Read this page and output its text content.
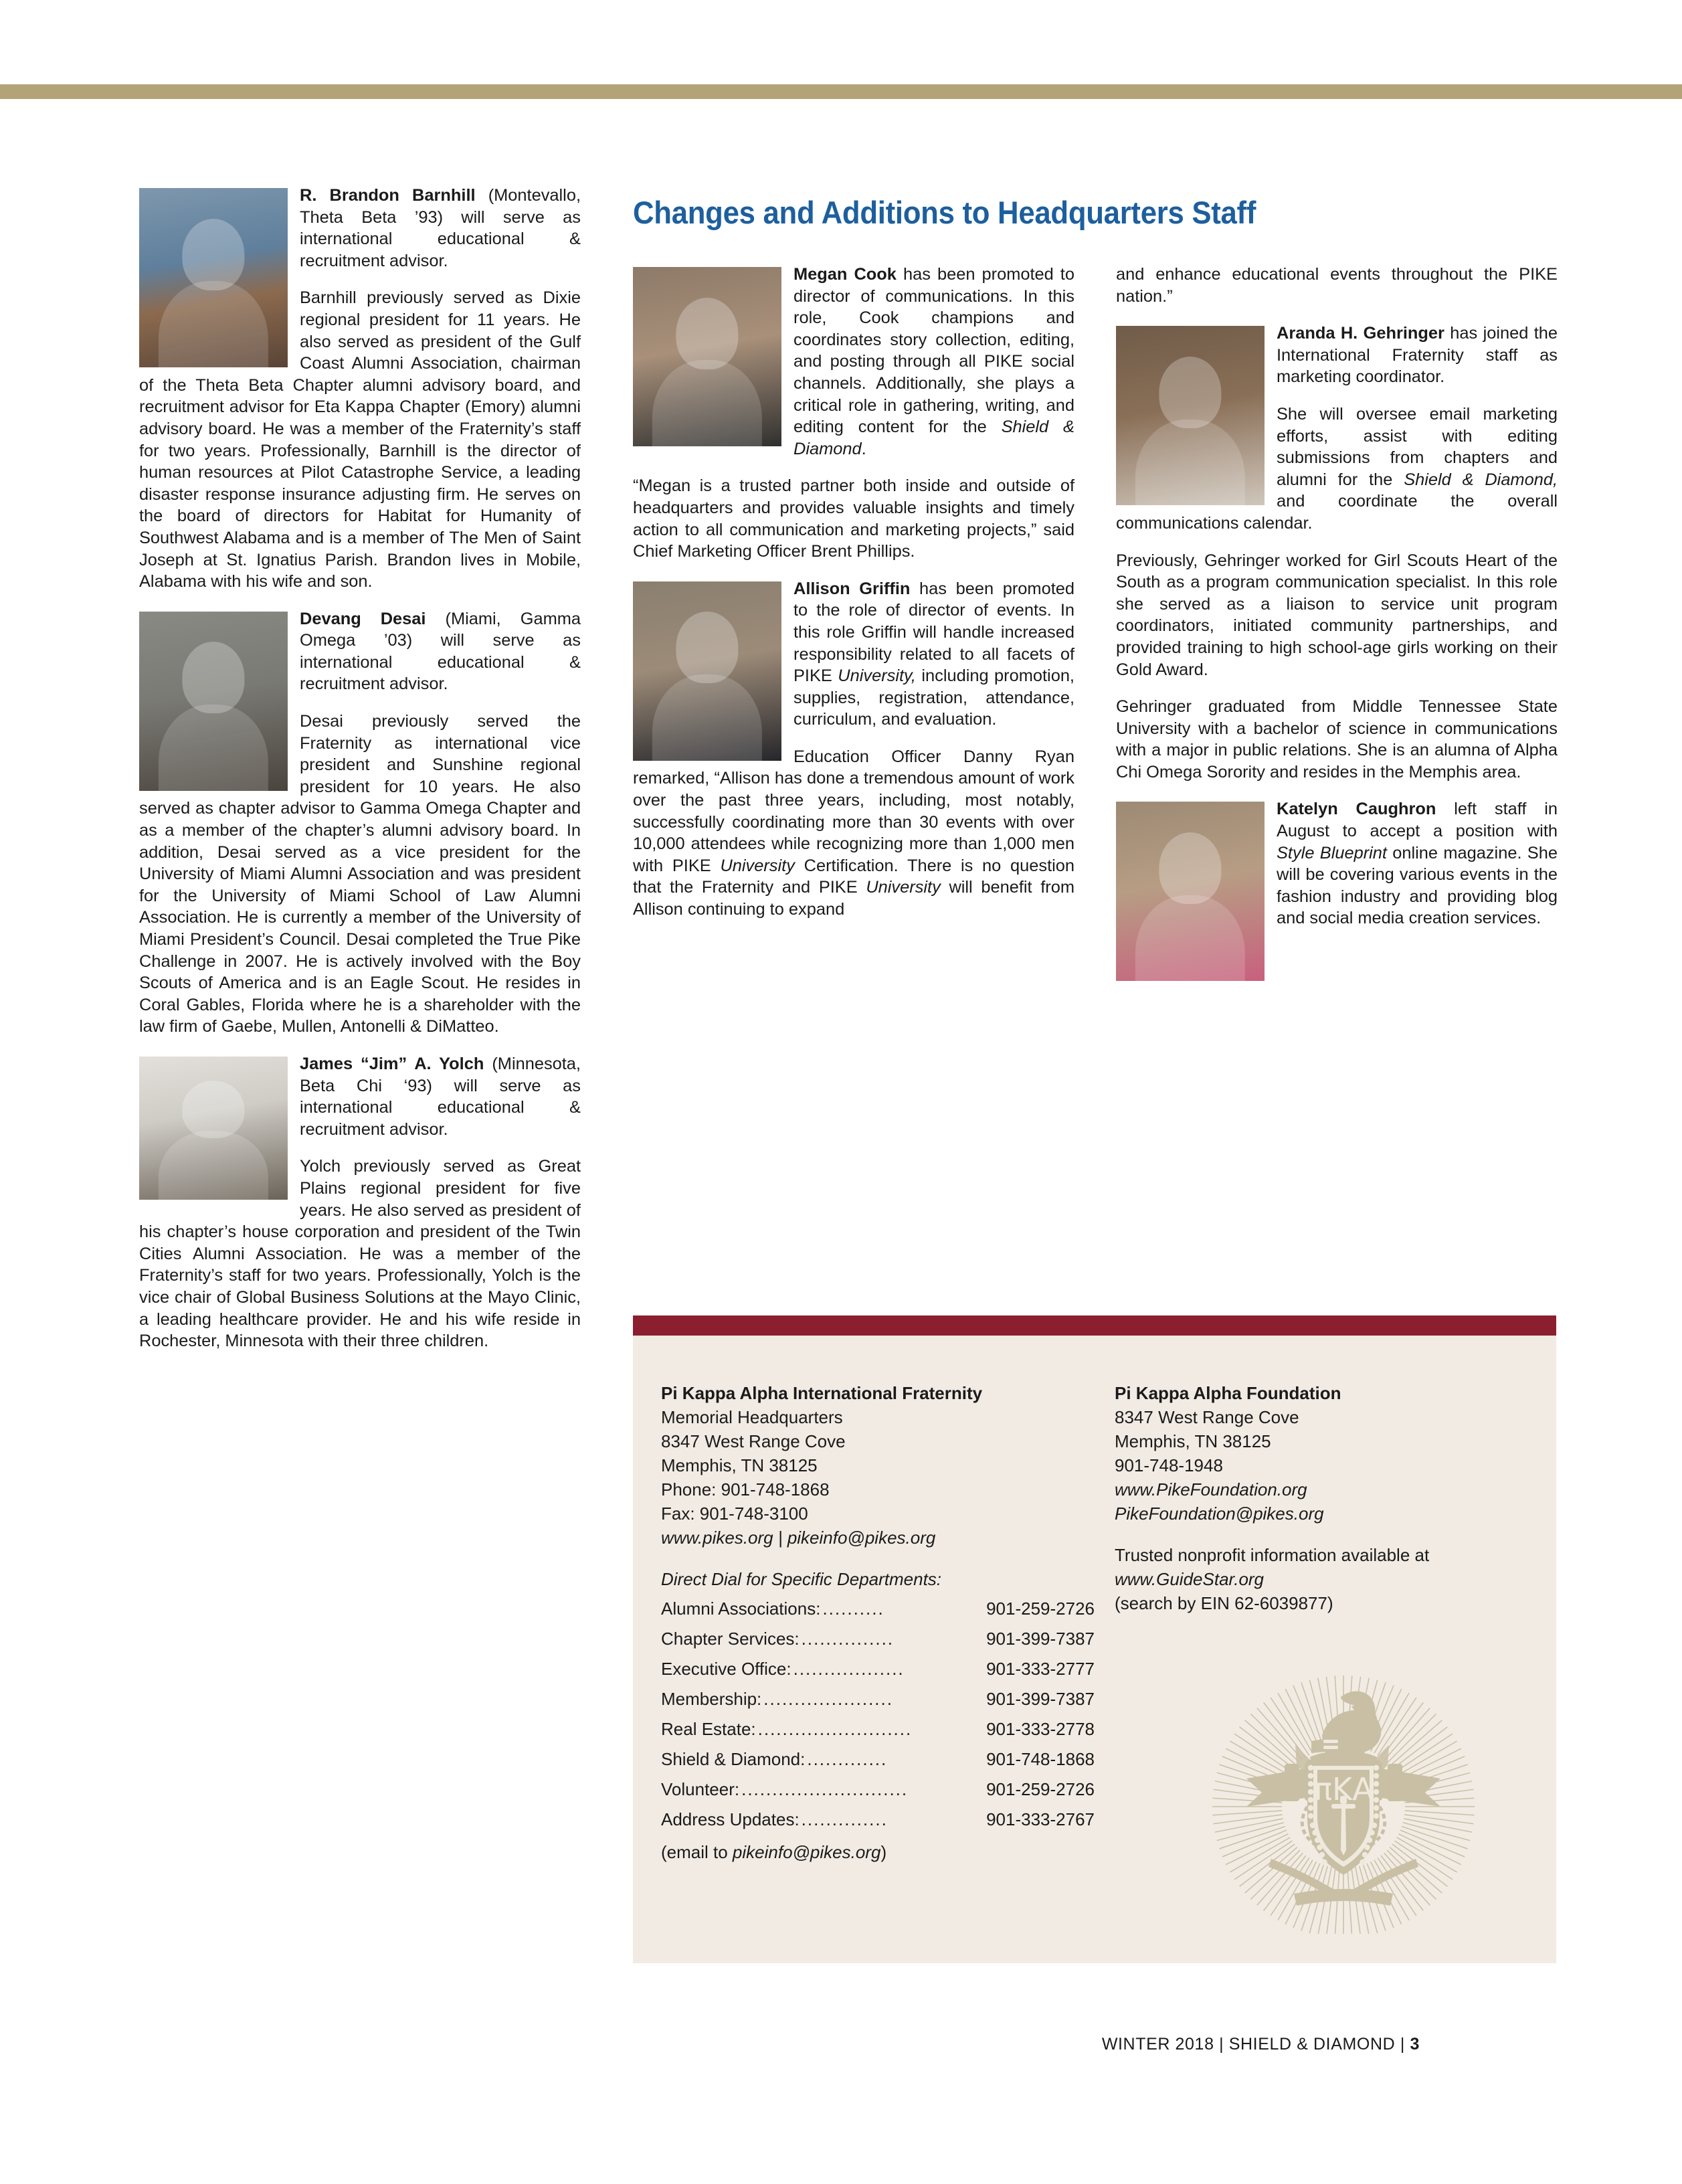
Changes and Additions to Headquarters Staff

R. Brandon Barnhill (Montevallo, Theta Beta ’93) will serve as international educational & recruitment advisor.

Barnhill previously served as Dixie regional president for 11 years. He also served as president of the Gulf Coast Alumni Association, chairman of the Theta Beta Chapter alumni advisory board, and recruitment advisor for Eta Kappa Chapter (Emory) alumni advisory board. He was a member of the Fraternity’s staff for two years. Professionally, Barnhill is the director of human resources at Pilot Catastrophe Service, a leading disaster response insurance adjusting firm. He serves on the board of directors for Habitat for Humanity of Southwest Alabama and is a member of The Men of Saint Joseph at St. Ignatius Parish. Brandon lives in Mobile, Alabama with his wife and son.

Devang Desai (Miami, Gamma Omega ’03) will serve as international educational & recruitment advisor.

Desai previously served the Fraternity as international vice president and Sunshine regional president for 10 years. He also served as chapter advisor to Gamma Omega Chapter and as a member of the chapter’s alumni advisory board. In addition, Desai served as a vice president for the University of Miami Alumni Association and was president for the University of Miami School of Law Alumni Association. He is currently a member of the University of Miami President’s Council. Desai completed the True Pike Challenge in 2007. He is actively involved with the Boy Scouts of America and is an Eagle Scout. He resides in Coral Gables, Florida where he is a shareholder with the law firm of Gaebe, Mullen, Antonelli & DiMatteo.

James “Jim” A. Yolch (Minnesota, Beta Chi ‘93) will serve as international educational & recruitment advisor.

Yolch previously served as Great Plains regional president for five years. He also served as president of his chapter’s house corporation and president of the Twin Cities Alumni Association. He was a member of the Fraternity’s staff for two years. Professionally, Yolch is the vice chair of Global Business Solutions at the Mayo Clinic, a leading healthcare provider. He and his wife reside in Rochester, Minnesota with their three children.

Megan Cook has been promoted to director of communications. In this role, Cook champions and coordinates story collection, editing, and posting through all PIKE social channels. Additionally, she plays a critical role in gathering, writing, and editing content for the Shield & Diamond.

“Megan is a trusted partner both inside and outside of headquarters and provides valuable insights and timely action to all communication and marketing projects,” said Chief Marketing Officer Brent Phillips.

Allison Griffin has been promoted to the role of director of events. In this role Griffin will handle increased responsibility related to all facets of PIKE University, including promotion, supplies, registration, attendance, curriculum, and evaluation.

Education Officer Danny Ryan remarked, “Allison has done a tremendous amount of work over the past three years, including, most notably, successfully coordinating more than 30 events with over 10,000 attendees while recognizing more than 1,000 men with PIKE University Certification. There is no question that the Fraternity and PIKE University will benefit from Allison continuing to expand

and enhance educational events throughout the PIKE nation.”

Aranda H. Gehringer has joined the International Fraternity staff as marketing coordinator.

She will oversee email marketing efforts, assist with editing submissions from chapters and alumni for the Shield & Diamond, and coordinate the overall communications calendar.

Previously, Gehringer worked for Girl Scouts Heart of the South as a program communication specialist. In this role she served as a liaison to service unit program coordinators, initiated community partnerships, and provided training to high school-age girls working on their Gold Award.

Gehringer graduated from Middle Tennessee State University with a bachelor of science in communications with a major in public relations. She is an alumna of Alpha Chi Omega Sorority and resides in the Memphis area.

Katelyn Caughron left staff in August to accept a position with Style Blueprint online magazine. She will be covering various events in the fashion industry and providing blog and social media creation services.

πΚΑ
Pi Kappa Alpha International Fraternity
Memorial Headquarters
8347 West Range Cove
Memphis, TN 38125
Phone: 901-748-1868
Fax: 901-748-3100
www.pikes.org | pikeinfo@pikes.org
Direct Dial for Specific Departments:
Alumni Associations: ..........	901-259-2726
Chapter Services: ...............	901-399-7387
Executive Office: ..................	901-333-2777
Membership: .....................	901-399-7387
Real Estate: .........................	901-333-2778
Shield & Diamond: .............	901-748-1868
Volunteer: ...........................	901-259-2726
Address Updates: ..............	901-333-2767
(email to pikeinfo@pikes.org)
Pi Kappa Alpha Foundation
8347 West Range Cove
Memphis, TN 38125
901-748-1948
www.PikeFoundation.org
PikeFoundation@pikes.org
Trusted nonprofit information available at
www.GuideStar.org
(search by EIN 62-6039877)
WINTER 2018 | SHIELD & DIAMOND | 3
